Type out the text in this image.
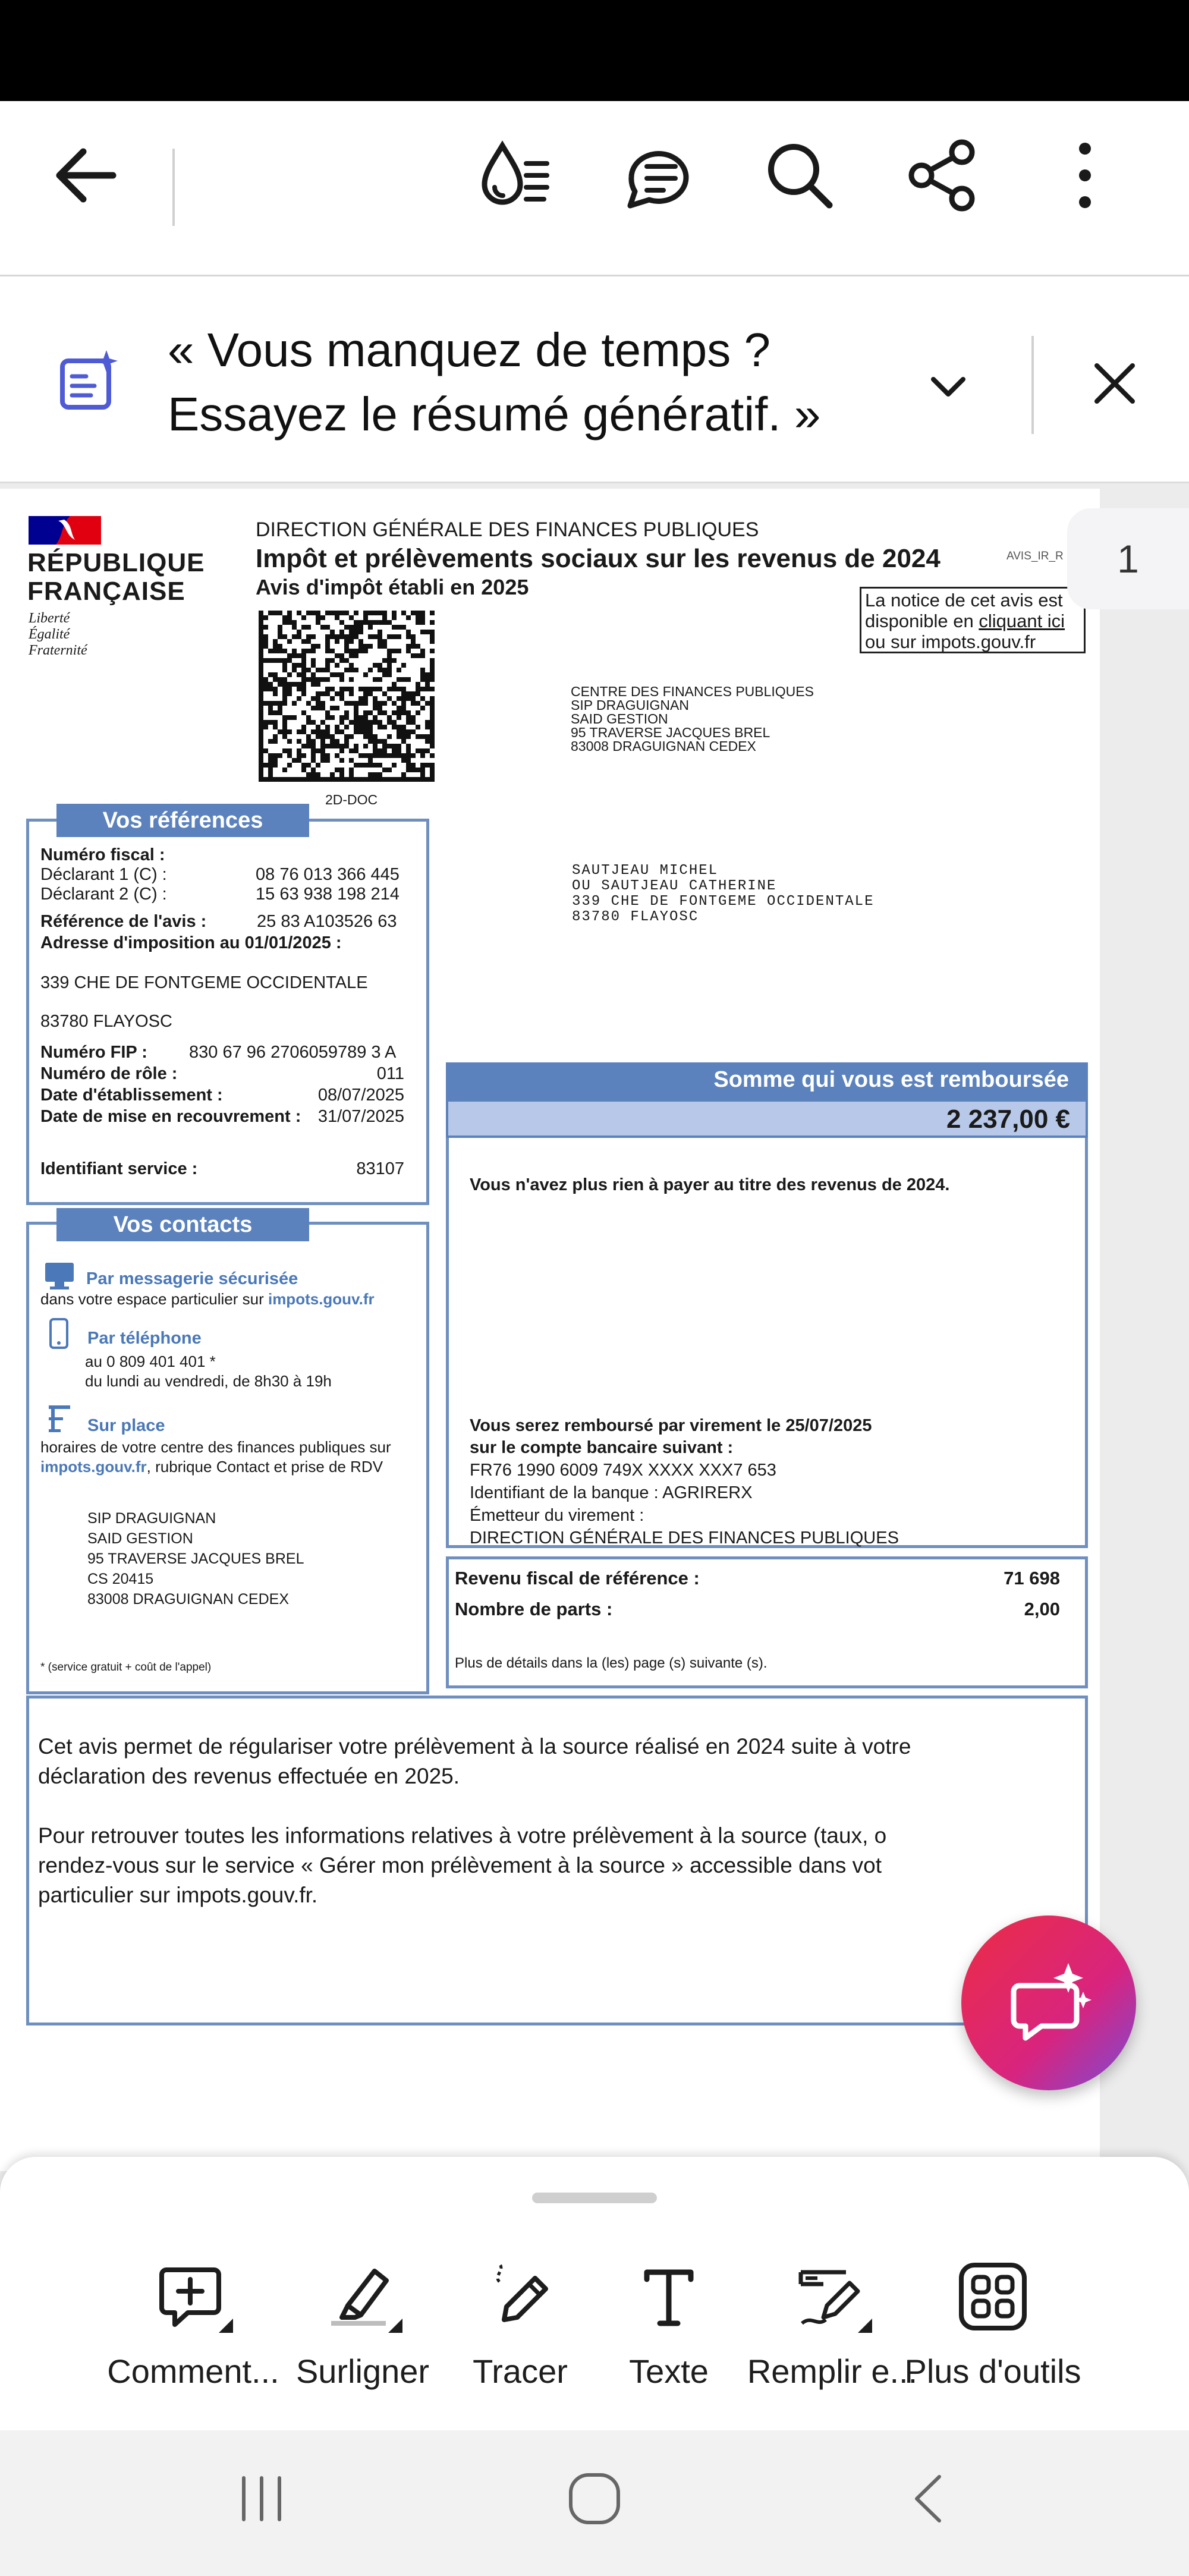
« Vous manquez de temps ?
Essayez le résumé génératif. »
RÉPUBLIQUE
FRANÇAISE
Liberté
Égalité
Fraternité
DIRECTION GÉNÉRALE DES FINANCES PUBLIQUES
Impôt et prélèvements sociaux sur les revenus de 2024	AVIS_IR_R
Avis d'impôt établi en 2025
La notice de cet avis est
disponible en cliquant ici
ou sur impots.gouv.fr
2D-DOC
CENTRE DES FINANCES PUBLIQUES
SIP DRAGUIGNAN
SAID GESTION
95 TRAVERSE JACQUES BREL
83008 DRAGUIGNAN CEDEX
SAUTJEAU MICHEL
OU SAUTJEAU CATHERINE
339 CHE DE FONTGEME OCCIDENTALE
83780 FLAYOSC
Vos références
Numéro fiscal :
Déclarant 1 (C) :	08 76 013 366 445
Déclarant 2 (C) :	15 63 938 198 214
Référence de l'avis :	25 83 A103526 63
Adresse d'imposition au 01/01/2025 :
339 CHE DE FONTGEME OCCIDENTALE
83780 FLAYOSC
Numéro FIP : 830 67 96 2706059789 3 A
Numéro de rôle :	011
Date d'établissement :	08/07/2025
Date de mise en recouvrement : 31/07/2025
Identifiant service :	83107
Vos contacts
Par messagerie sécurisée
dans votre espace particulier sur impots.gouv.fr
Par téléphone
au 0 809 401 401 *
du lundi au vendredi, de 8h30 à 19h
Sur place
horaires de votre centre des finances publiques sur
impots.gouv.fr, rubrique Contact et prise de RDV
SIP DRAGUIGNAN
SAID GESTION
95 TRAVERSE JACQUES BREL
CS 20415
83008 DRAGUIGNAN CEDEX
* (service gratuit + coût de l'appel)
Somme qui vous est remboursée
2 237,00 €
Vous n'avez plus rien à payer au titre des revenus de 2024.
Vous serez remboursé par virement le 25/07/2025
sur le compte bancaire suivant :
FR76 1990 6009 749X XXXX XXX7 653
Identifiant de la banque : AGRIRERX
Émetteur du virement :
DIRECTION GÉNÉRALE DES FINANCES PUBLIQUES
Revenu fiscal de référence :	71 698
Nombre de parts :	2,00
Plus de détails dans la (les) page (s) suivante (s).
Cet avis permet de régulariser votre prélèvement à la source réalisé en 2024 suite à votre
déclaration des revenus effectuée en 2025.
Pour retrouver toutes les informations relatives à votre prélèvement à la source (taux, o
rendez-vous sur le service « Gérer mon prélèvement à la source » accessible dans vot
particulier sur impots.gouv.fr.
1
Comment... Surligner	Tracer	Texte	Remplir e...
Plus d'outils
